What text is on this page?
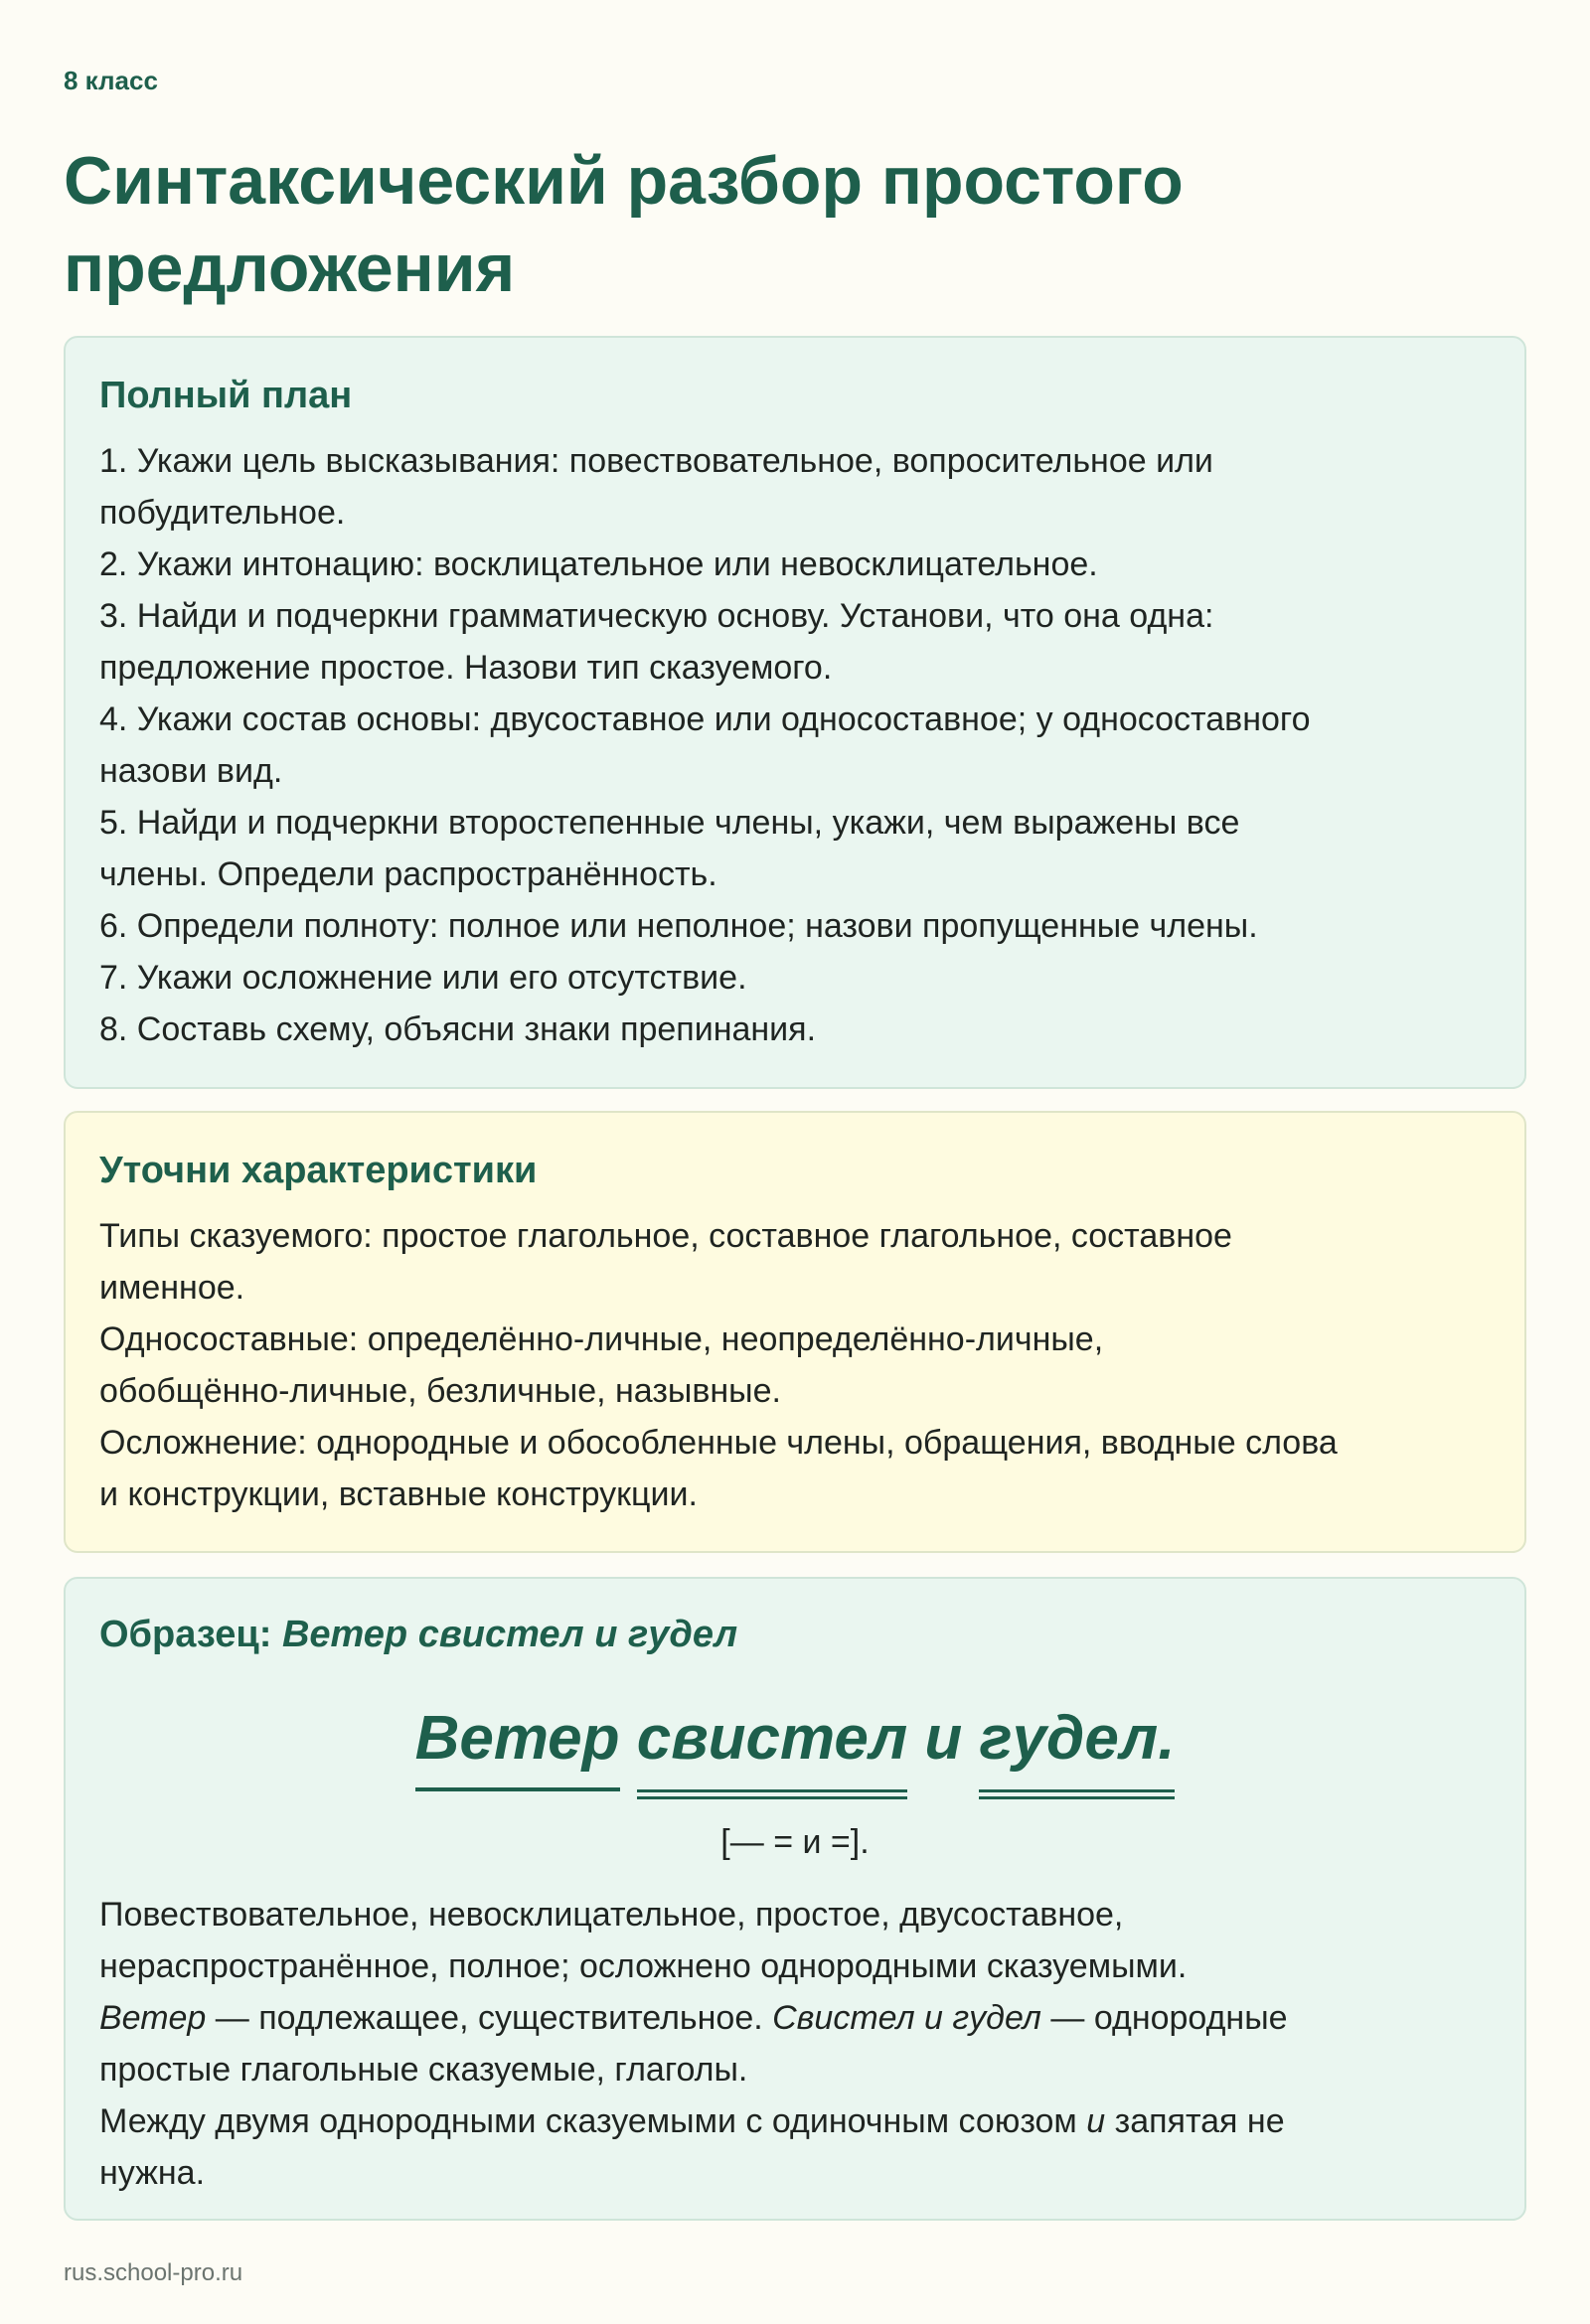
8 класс
Синтаксический разбор простого
предложения
Полный план
1. Укажи цель высказывания: повествовательное, вопросительное или
побудительное.
2. Укажи интонацию: восклицательное или невосклицательное.
3. Найди и подчеркни грамматическую основу. Установи, что она одна:
предложение простое. Назови тип сказуемого.
4. Укажи состав основы: двусоставное или односоставное; у односоставного
назови вид.
5. Найди и подчеркни второстепенные члены, укажи, чем выражены все
члены. Определи распространённость.
6. Определи полноту: полное или неполное; назови пропущенные члены.
7. Укажи осложнение или его отсутствие.
8. Составь схему, объясни знаки препинания.
Уточни характеристики
Типы сказуемого: простое глагольное, составное глагольное, составное
именное.
Односоставные: определённо-личные, неопределённо-личные,
обобщённо-личные, безличные, назывные.
Осложнение: однородные и обособленные члены, обращения, вводные слова
и конструкции, вставные конструкции.
Образец: Ветер свистел и гудел
Ветер свистел и гудел.
[— = и =].
Повествовательное, невосклицательное, простое, двусоставное,
нераспространённое, полное; осложнено однородными сказуемыми.
Ветер — подлежащее, существительное. Свистел и гудел — однородные
простые глагольные сказуемые, глаголы.
Между двумя однородными сказуемыми с одиночным союзом и запятая не
нужна.
rus.school-pro.ru
